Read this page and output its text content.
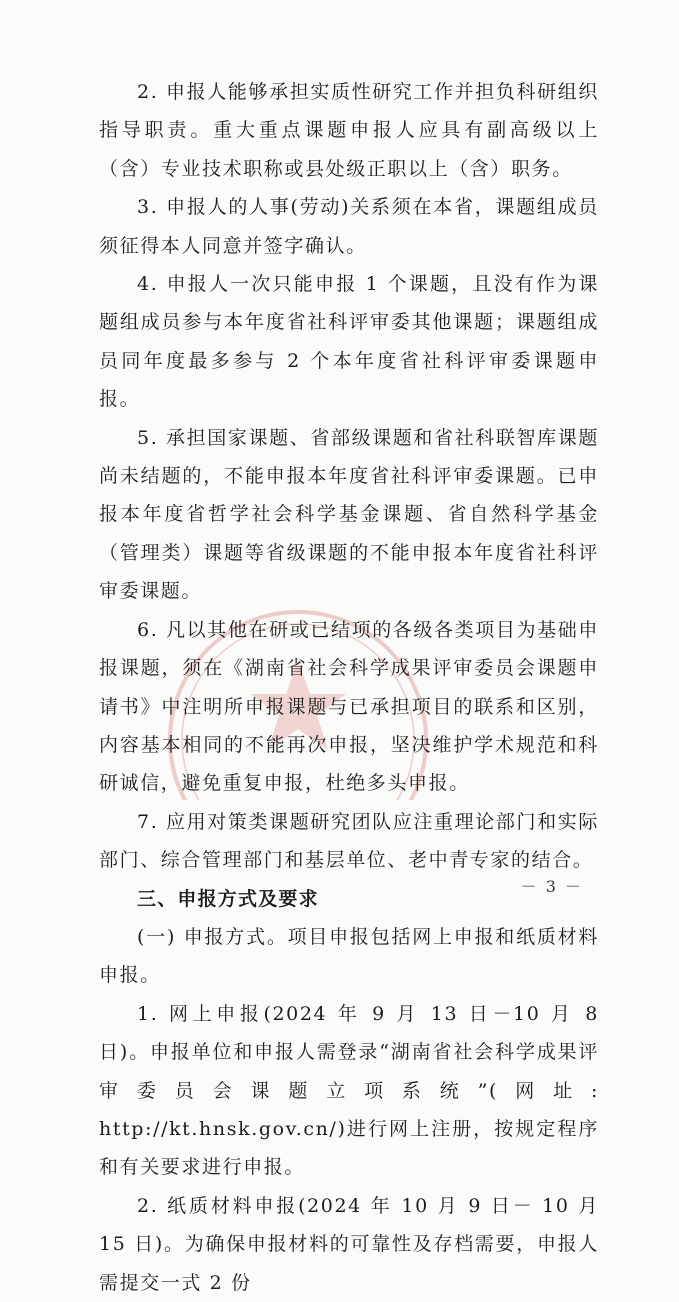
2. 申报人能够承担实质性研究工作并担负科研组织指导职责。重大重点课题申报人应具有副高级以上（含）专业技术职称或县处级正职以上（含）职务。

3. 申报人的人事(劳动)关系须在本省，课题组成员须征得本人同意并签字确认。

4. 申报人一次只能申报 1 个课题，且没有作为课题组成员参与本年度省社科评审委其他课题；课题组成员同年度最多参与 2 个本年度省社科评审委课题申报。

5. 承担国家课题、省部级课题和省社科联智库课题尚未结题的，不能申报本年度省社科评审委课题。已申报本年度省哲学社会科学基金课题、省自然科学基金（管理类）课题等省级课题的不能申报本年度省社科评审委课题。

6. 凡以其他在研或已结项的各级各类项目为基础申报课题，须在《湖南省社会科学成果评审委员会课题申请书》中注明所申报课题与已承担项目的联系和区别，内容基本相同的不能再次申报，坚决维护学术规范和科研诚信，避免重复申报，杜绝多头申报。

7. 应用对策类课题研究团队应注重理论部门和实际部门、综合管理部门和基层单位、老中青专家的结合。

三、申报方式及要求

(一) 申报方式。项目申报包括网上申报和纸质材料申报。

1. 网上申报(2024 年 9 月 13 日－10 月 8 日)。申报单位和申报人需登录“湖南省社会科学成果评审委员会课题立项系统”(网址: http://kt.hnsk.gov.cn/)进行网上注册，按规定程序和有关要求进行申报。

2. 纸质材料申报(2024 年 10 月 9 日－ 10 月 15 日)。为确保申报材料的可靠性及存档需要，申报人需提交一式 2 份

－ 3 －
